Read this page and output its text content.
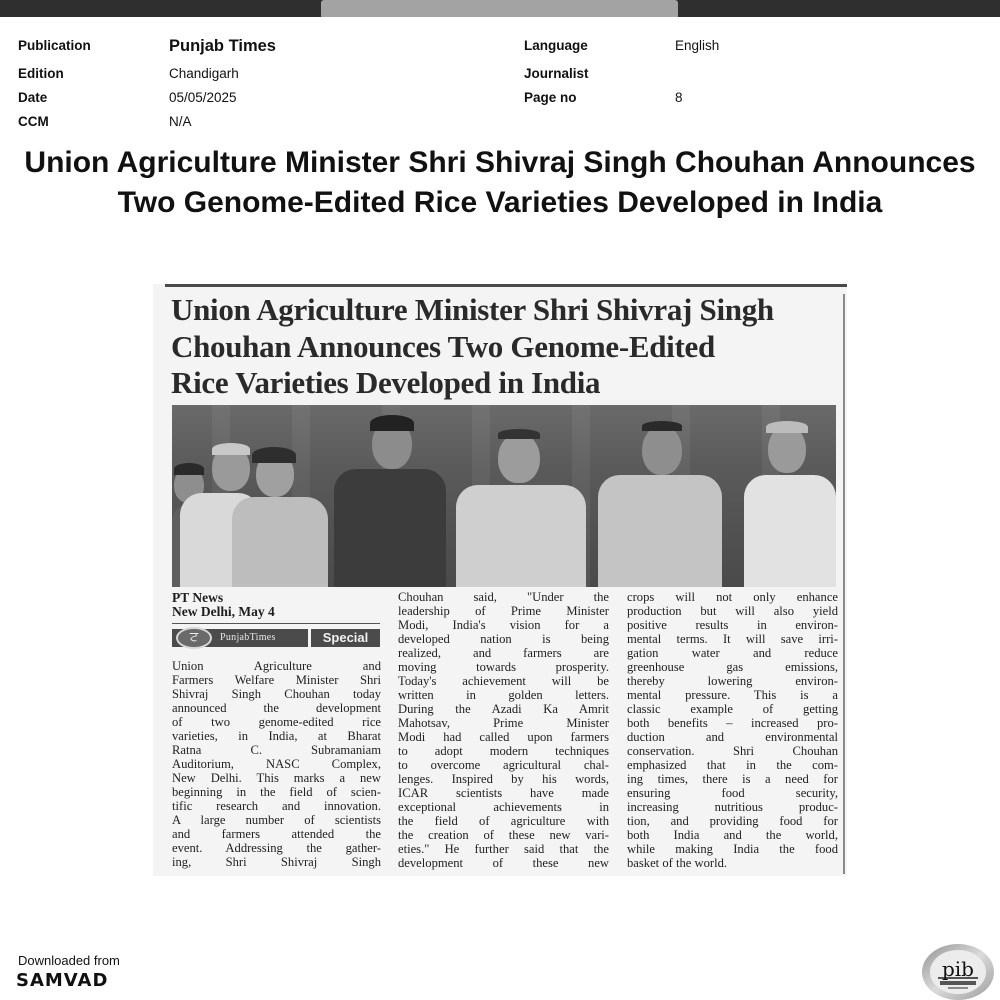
Publication	Punjab Times	Language	English
Edition	Chandigarh	Journalist
Date	05/05/2025	Page no	8
CCM	N/A
Union Agriculture Minister Shri Shivraj Singh Chouhan Announces Two Genome-Edited Rice Varieties Developed in India
Union Agriculture Minister Shri Shivraj Singh
Chouhan Announces Two Genome-Edited
Rice Varieties Developed in India
PT News
New Delhi, May 4
ਟ	PunjabTimes	Special

Union Agriculture and

Farmers Welfare Minister Shri

Shivraj Singh Chouhan today

announced the development

of two genome-edited rice

varieties, in India, at Bharat

Ratna C. Subramaniam

Auditorium, NASC Complex,

New Delhi. This marks a new

beginning in the field of scien-

tific research and innovation.

A large number of scientists

and farmers attended the

event. Addressing the gather-

ing, Shri Shivraj Singh

Chouhan said, "Under the

leadership of Prime Minister

Modi, India's vision for a

developed nation is being

realized, and farmers are

moving towards prosperity.

Today's achievement will be

written in golden letters.

During the Azadi Ka Amrit

Mahotsav, Prime Minister

Modi had called upon farmers

to adopt modern techniques

to overcome agricultural chal-

lenges. Inspired by his words,

ICAR scientists have made

exceptional achievements in

the field of agriculture with

the creation of these new vari-

eties." He further said that the

development of these new

crops will not only enhance

production but will also yield

positive results in environ-

mental terms. It will save irri-

gation water and reduce

greenhouse gas emissions,

thereby lowering environ-

mental pressure. This is a

classic example of getting

both benefits – increased pro-

duction and environmental

conservation. Shri Chouhan

emphasized that in the com-

ing times, there is a need for

ensuring food security,

increasing nutritious produc-

tion, and providing food for

both India and the world,

while making India the food

basket of the world.

Downloaded from
SAMVAD	pib
